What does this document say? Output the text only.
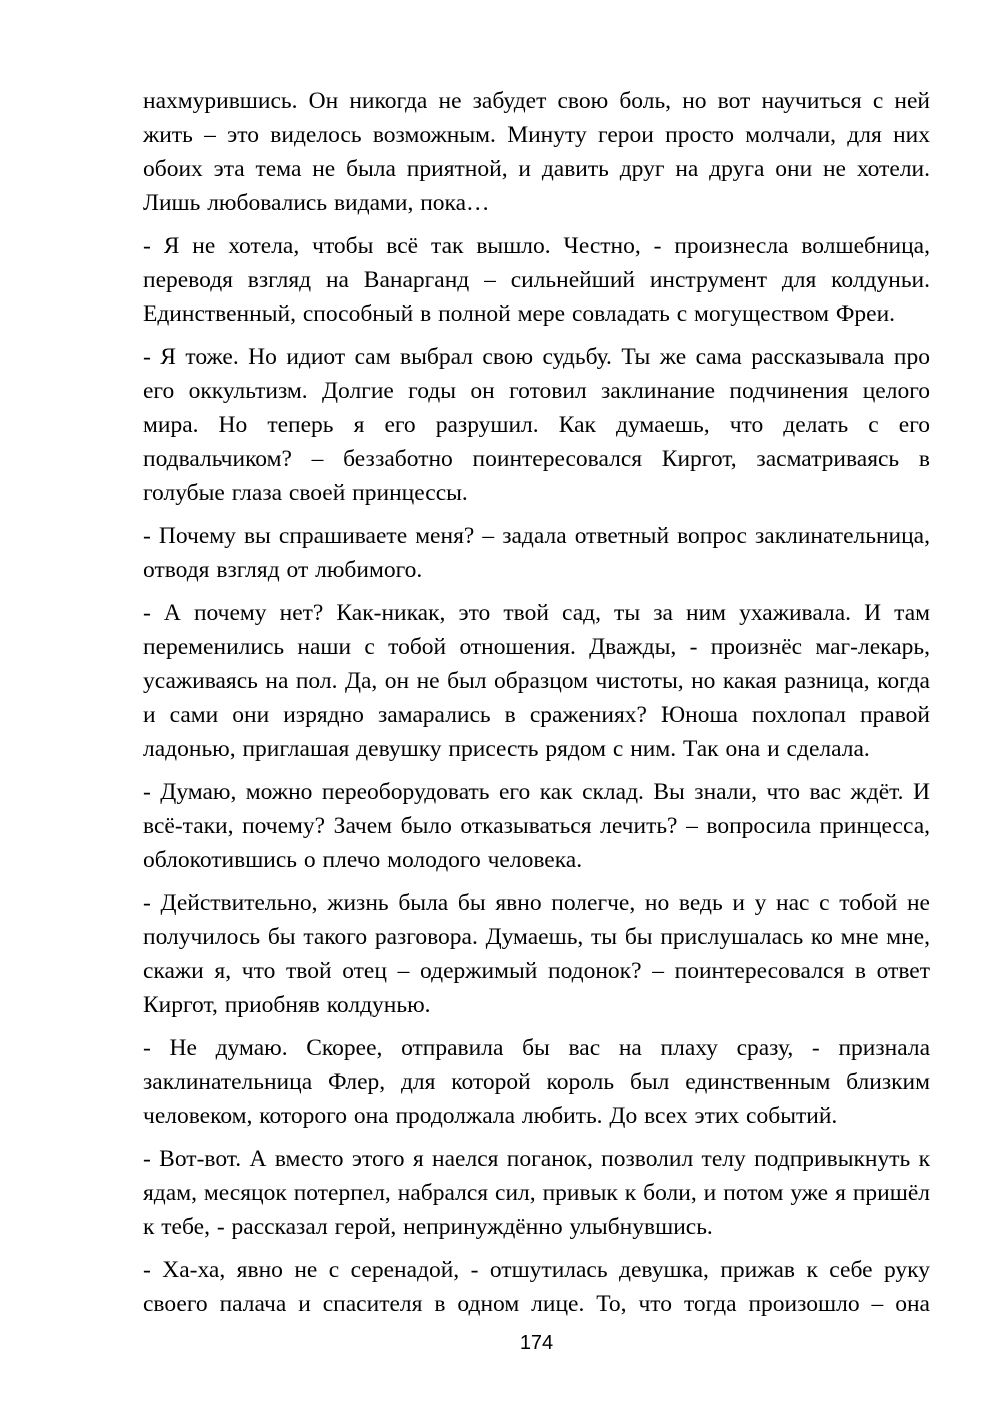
нахмурившись. Он никогда не забудет свою боль, но вот научиться с ней жить – это виделось возможным. Минуту герои просто молчали, для них обоих эта тема не была приятной, и давить друг на друга они не хотели. Лишь любовались видами, пока…

- Я не хотела, чтобы всё так вышло. Честно, - произнесла волшебница, переводя взгляд на Ванарганд – сильнейший инструмент для колдуньи. Единственный, способный в полной мере совладать с могуществом Фреи.

- Я тоже. Но идиот сам выбрал свою судьбу. Ты же сама рассказывала про его оккультизм. Долгие годы он готовил заклинание подчинения целого мира. Но теперь я его разрушил. Как думаешь, что делать с его подвальчиком? – беззаботно поинтересовался Киргот, засматриваясь в голубые глаза своей принцессы.

- Почему вы спрашиваете меня? – задала ответный вопрос заклинательница, отводя взгляд от любимого.

- А почему нет? Как-никак, это твой сад, ты за ним ухаживала. И там переменились наши с тобой отношения. Дважды, - произнёс маг-лекарь, усаживаясь на пол. Да, он не был образцом чистоты, но какая разница, когда и сами они изрядно замарались в сражениях? Юноша похлопал правой ладонью, приглашая девушку присесть рядом с ним. Так она и сделала.

- Думаю, можно переоборудовать его как склад. Вы знали, что вас ждёт. И всё-таки, почему? Зачем было отказываться лечить? – вопросила принцесса, облокотившись о плечо молодого человека.

- Действительно, жизнь была бы явно полегче, но ведь и у нас с тобой не получилось бы такого разговора. Думаешь, ты бы прислушалась ко мне мне, скажи я, что твой отец – одержимый подонок? – поинтересовался в ответ Киргот, приобняв колдунью.

- Не думаю. Скорее, отправила бы вас на плаху сразу, - признала заклинательница Флер, для которой король был единственным близким человеком, которого она продолжала любить. До всех этих событий.

- Вот-вот. А вместо этого я наелся поганок, позволил телу подпривыкнуть к ядам, месяцок потерпел, набрался сил, привык к боли, и потом уже я пришёл к тебе, - рассказал герой, непринуждённо улыбнувшись.

- Ха-ха, явно не с серенадой, - отшутилась девушка, прижав к себе руку своего палача и спасителя в одном лице. То, что тогда произошло – она

174
